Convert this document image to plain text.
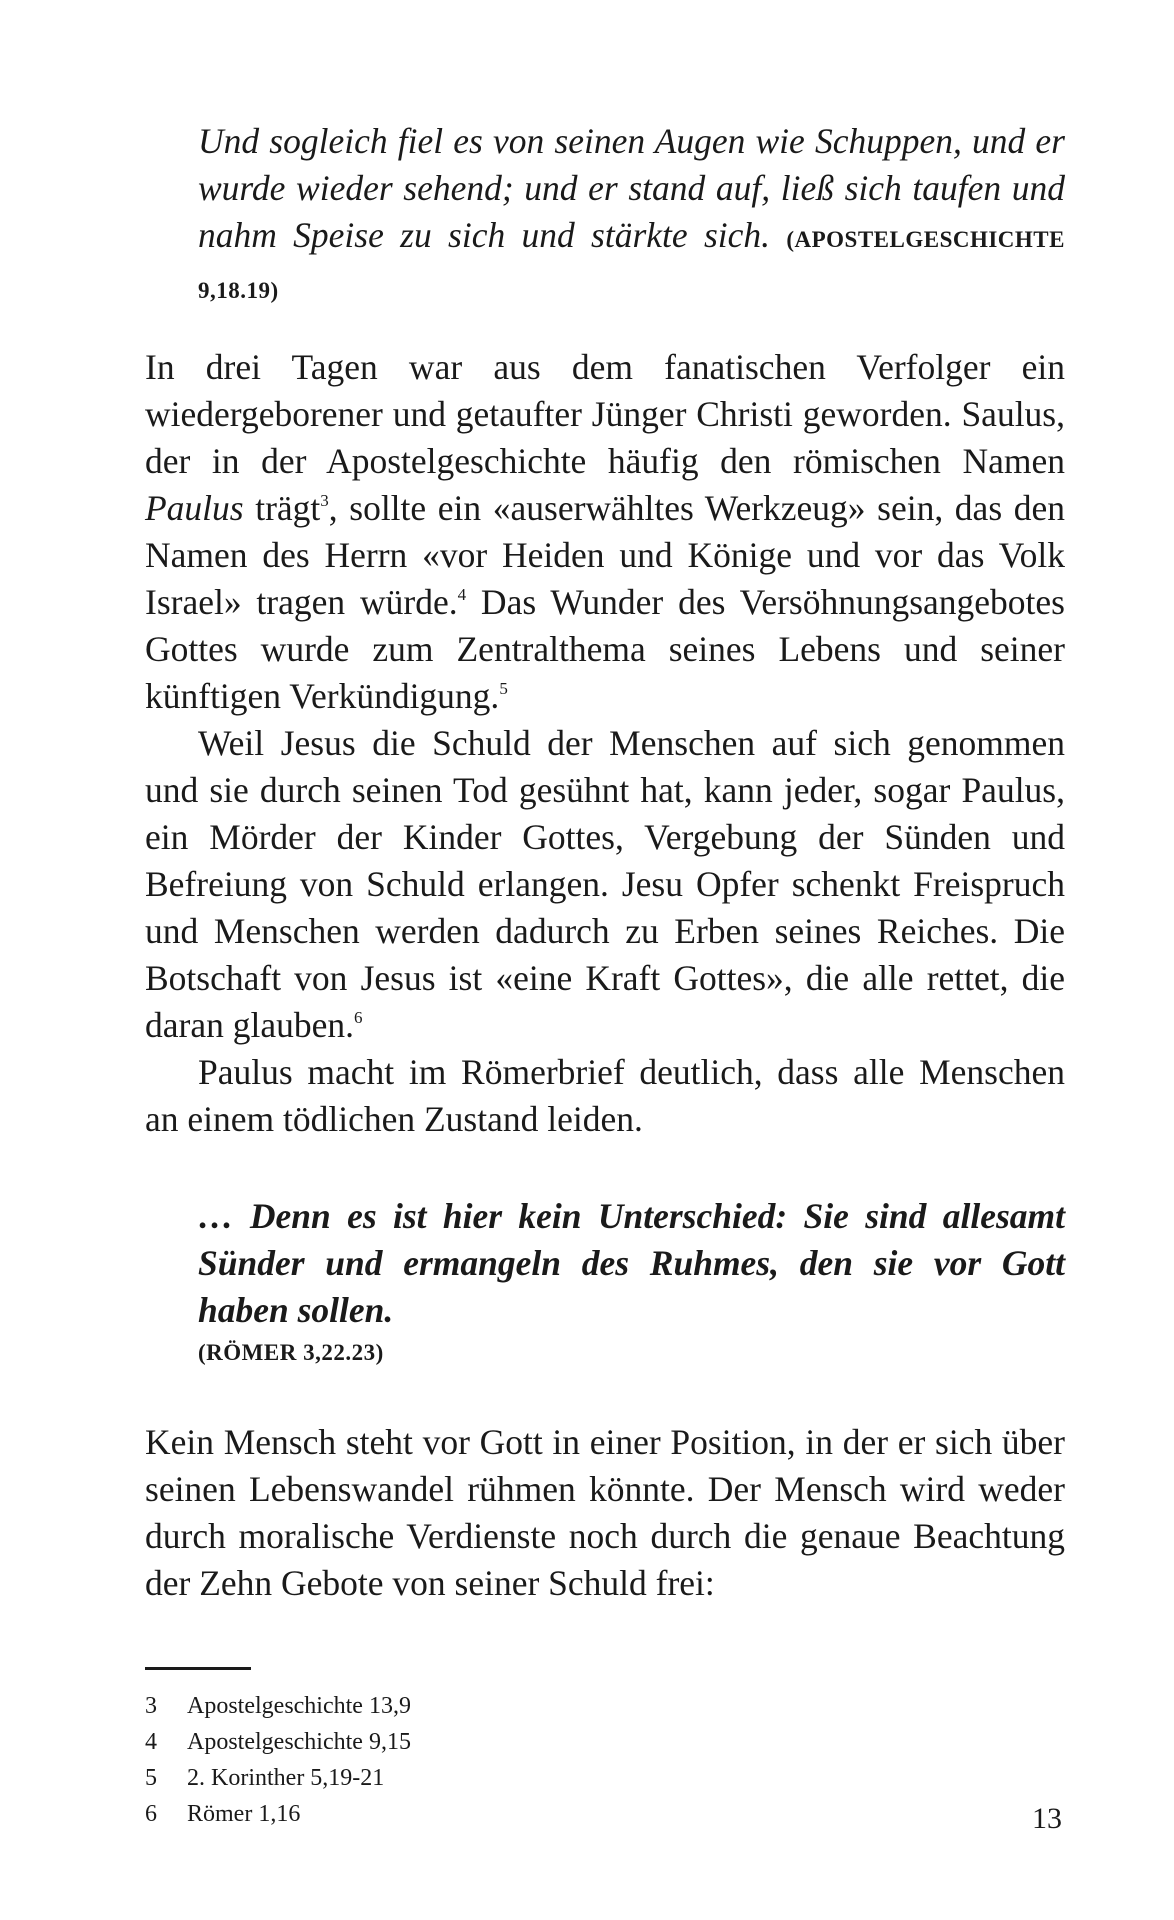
Und sogleich fiel es von seinen Augen wie Schuppen, und er wurde wieder sehend; und er stand auf, ließ sich taufen und nahm Speise zu sich und stärkte sich. (APOSTELGESCHICHTE 9,18.19)

In drei Tagen war aus dem fanatischen Verfolger ein wiedergeborener und getaufter Jünger Christi geworden. Saulus, der in der Apostelgeschichte häufig den römischen Namen Paulus trägt$^3$, sollte ein «auserwähltes Werkzeug» sein, das den Namen des Herrn «vor Heiden und Könige und vor das Volk Israel» tragen würde.$^4$ Das Wunder des Versöhnungsangebotes Gottes wurde zum Zentralthema seines Lebens und seiner künftigen Verkündigung.$^5$

Weil Jesus die Schuld der Menschen auf sich genommen und sie durch seinen Tod gesühnt hat, kann jeder, sogar Paulus, ein Mörder der Kinder Gottes, Vergebung der Sünden und Befreiung von Schuld erlangen. Jesu Opfer schenkt Freispruch und Menschen werden dadurch zu Erben seines Reiches. Die Botschaft von Jesus ist «eine Kraft Gottes», die alle rettet, die daran glauben.$^6$

Paulus macht im Römerbrief deutlich, dass alle Menschen an einem tödlichen Zustand leiden.

… Denn es ist hier kein Unterschied: Sie sind allesamt Sünder und ermangeln des Ruhmes, den sie vor Gott haben sollen.
(RÖMER 3,22.23)

Kein Mensch steht vor Gott in einer Position, in der er sich über seinen Lebenswandel rühmen könnte. Der Mensch wird weder durch moralische Verdienste noch durch die genaue Beachtung der Zehn Gebote von seiner Schuld frei:

3	Apostelgeschichte 13,9
4	Apostelgeschichte 9,15
5	2. Korinther 5,19-21
6	Römer 1,16	13
